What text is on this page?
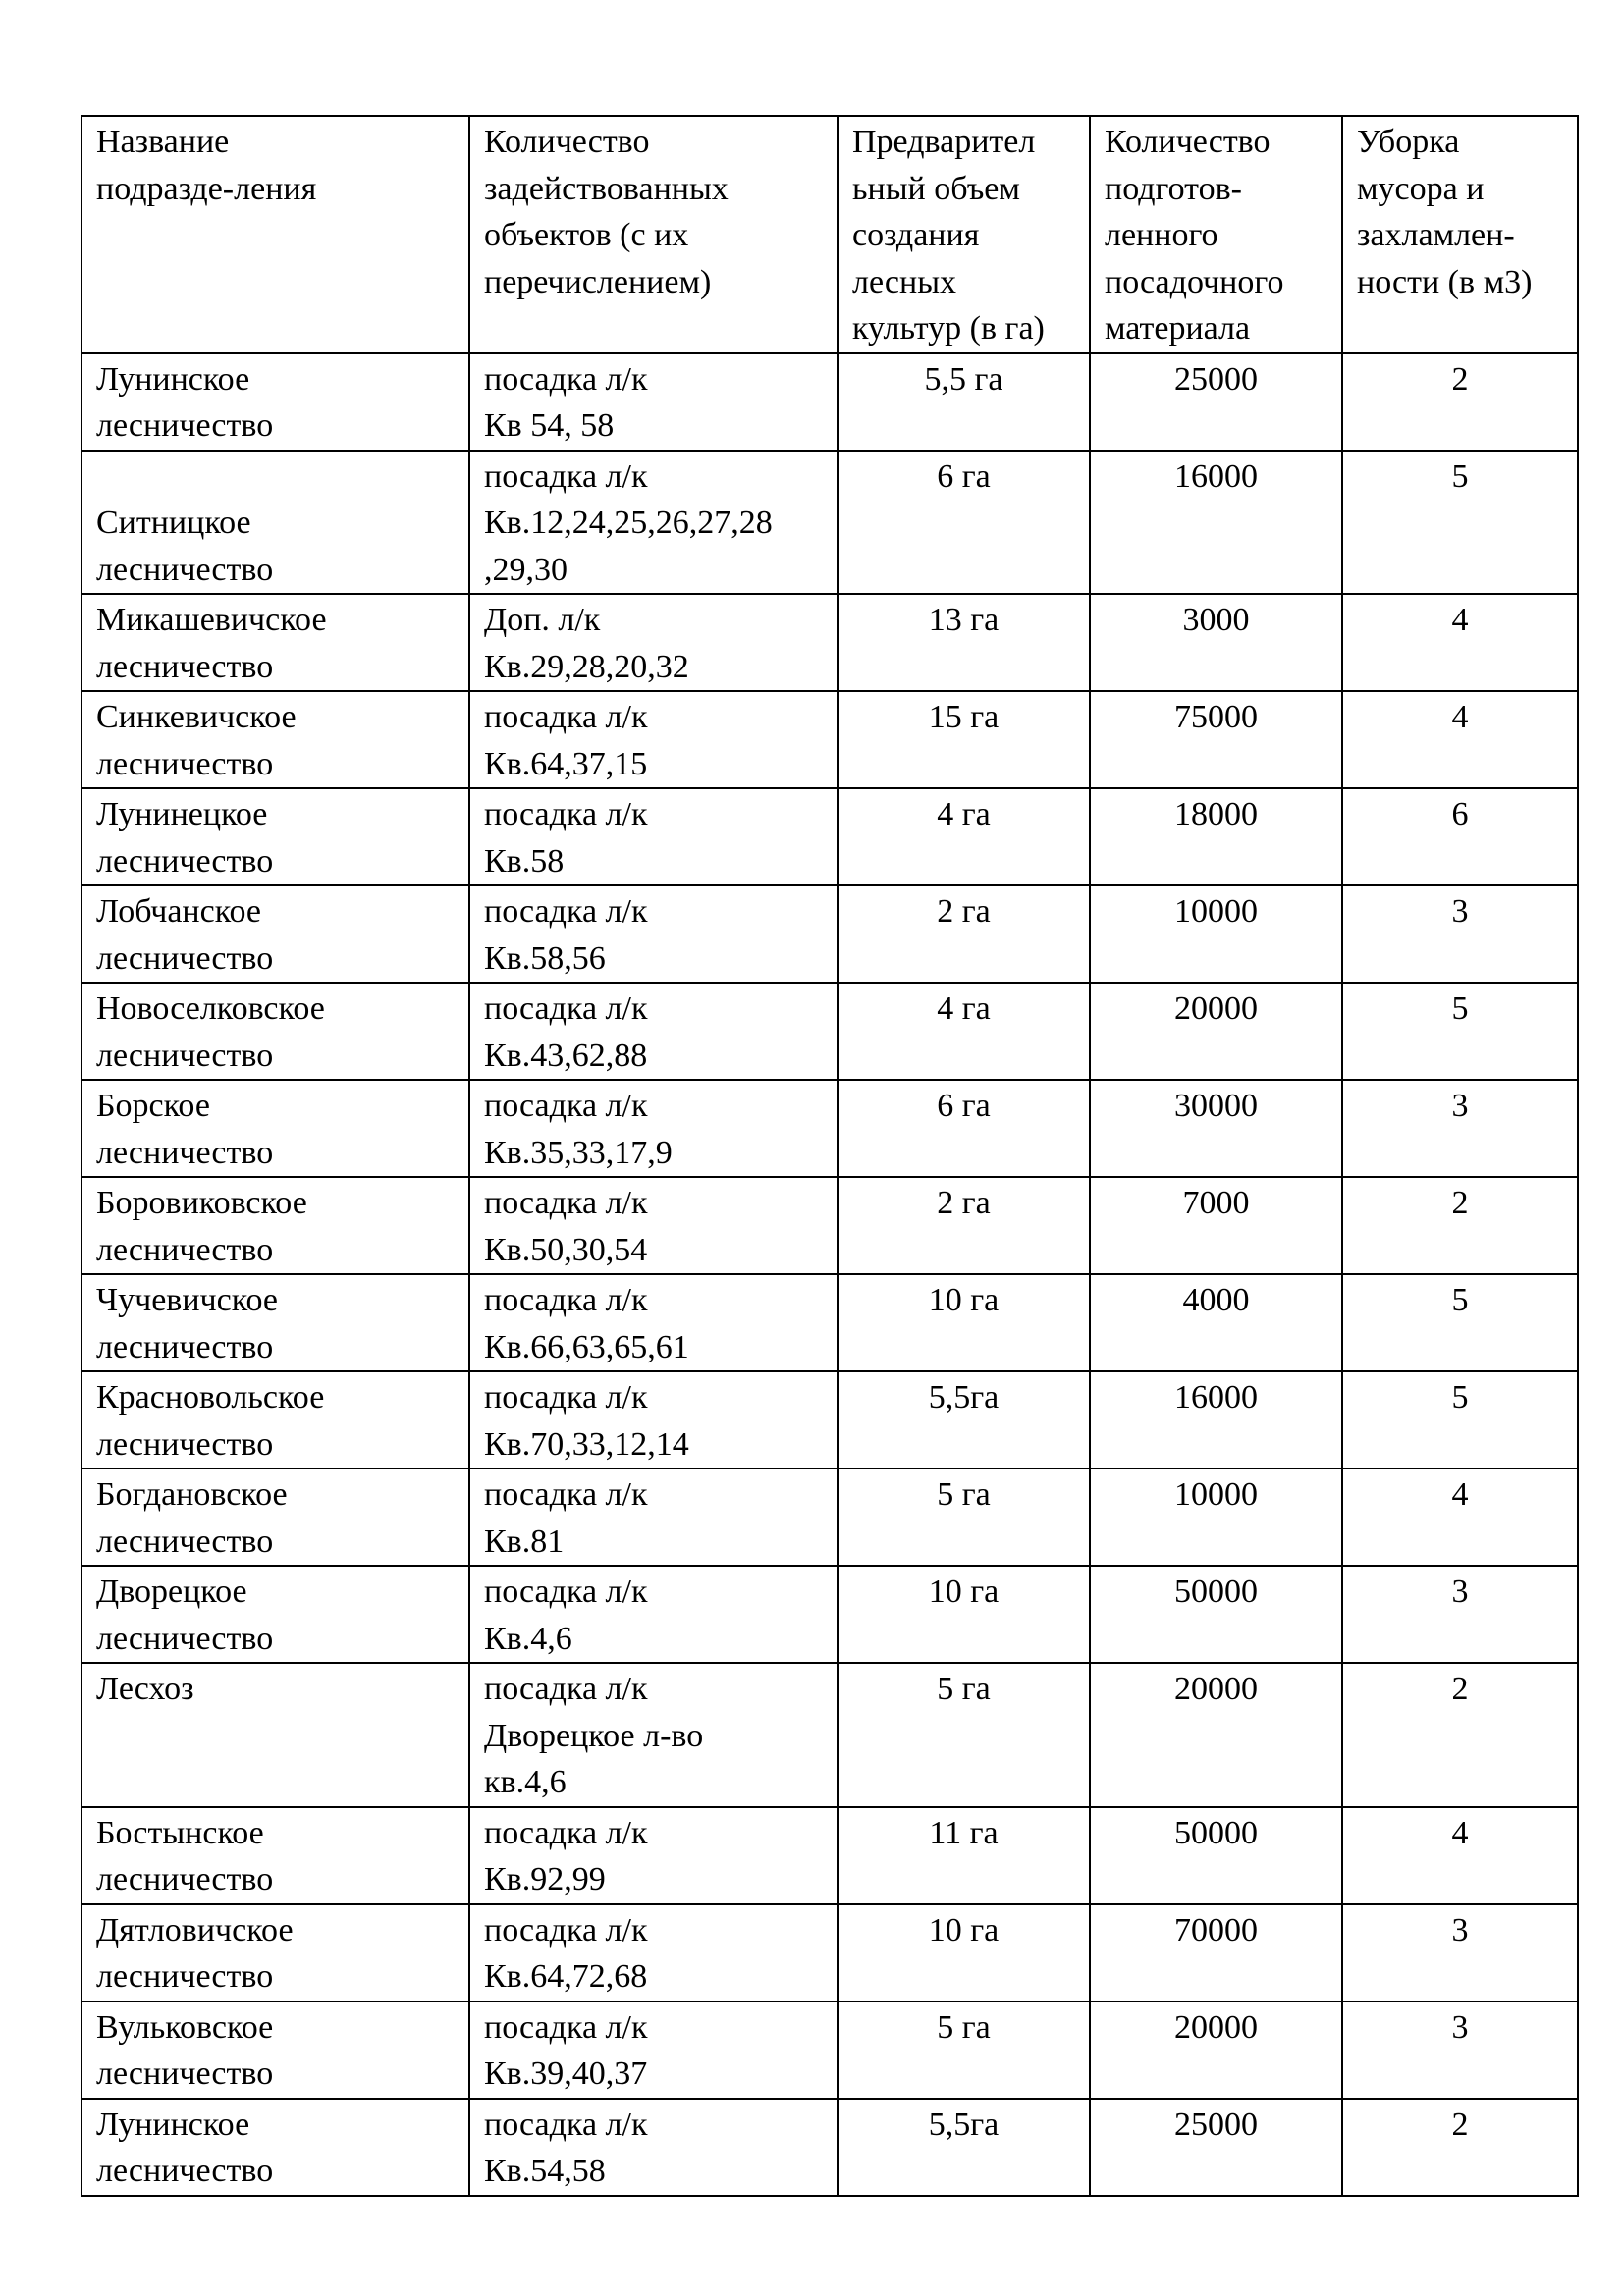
Название
подразде-ления	Количество
задействованных
объектов (с их
перечислением)	Предварител
ьный объем
создания
лесных
культур (в га)	Количество
подготов-
ленного
посадочного
материала	Уборка
мусора и
захламлен-
ности (в м3)

Лунинское
лесничество	посадка л/к
Кв 54, 58	5,5 га	25000	2

Ситницкое
лесничество	посадка л/к
Кв.12,24,25,26,27,28
,29,30	6 га	16000	5

Микашевичское
лесничество	Доп. л/к
Кв.29,28,20,32	13 га	3000	4

Синкевичское
лесничество	посадка л/к
Кв.64,37,15	15 га	75000	4

Лунинецкое
лесничество	посадка л/к
Кв.58	4 га	18000	6

Лобчанское
лесничество	посадка л/к
Кв.58,56	2 га	10000	3

Новоселковское
лесничество	посадка л/к
Кв.43,62,88	4 га	20000	5

Борское
лесничество	посадка л/к
Кв.35,33,17,9	6 га	30000	3

Боровиковское
лесничество	посадка л/к
Кв.50,30,54	2 га	7000	2

Чучевичское
лесничество	посадка л/к
Кв.66,63,65,61	10 га	4000	5

Красновольское
лесничество	посадка л/к
Кв.70,33,12,14	5,5га	16000	5

Богдановское
лесничество	посадка л/к
Кв.81	5 га	10000	4

Дворецкое
лесничество	посадка л/к
Кв.4,6	10 га	50000	3

Лесхоз	посадка л/к
Дворецкое л-во
кв.4,6	5 га	20000	2

Бостынское
лесничество	посадка л/к
Кв.92,99	11 га	50000	4

Дятловичское
лесничество	посадка л/к
Кв.64,72,68	10 га	70000	3

Вульковское
лесничество	посадка л/к
Кв.39,40,37	5 га	20000	3

Лунинское
лесничество	посадка л/к
Кв.54,58	5,5га	25000	2
